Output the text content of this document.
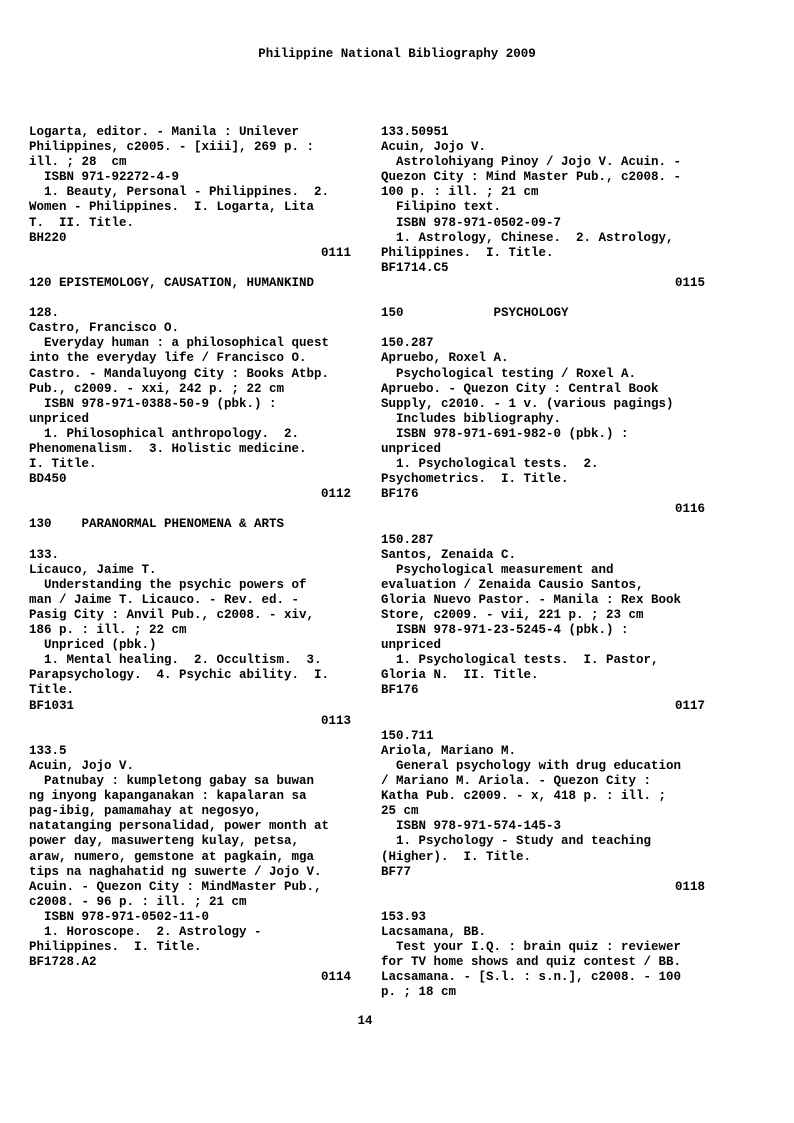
Philippine National Bibliography 2009
Logarta, editor. - Manila : Unilever
Philippines, c2005. - [xiii], 269 p. :
ill. ; 28  cm
ISBN 971-92272-4-9
1. Beauty, Personal - Philippines.  2.
Women - Philippines.  I. Logarta, Lita
T.  II. Title.
BH220
0111
120 EPISTEMOLOGY, CAUSATION, HUMANKIND
128.
Castro, Francisco O.
Everyday human : a philosophical quest
into the everyday life / Francisco O.
Castro. - Mandaluyong City : Books Atbp.
Pub., c2009. - xxi, 242 p. ; 22 cm
ISBN 978-971-0388-50-9 (pbk.) :
unpriced
1. Philosophical anthropology.  2.
Phenomenalism.  3. Holistic medicine.
I. Title.
BD450
0112
130    PARANORMAL PHENOMENA & ARTS
133.
Licauco, Jaime T.
Understanding the psychic powers of
man / Jaime T. Licauco. - Rev. ed. -
Pasig City : Anvil Pub., c2008. - xiv,
186 p. : ill. ; 22 cm
Unpriced (pbk.)
1. Mental healing.  2. Occultism.  3.
Parapsychology.  4. Psychic ability.  I.
Title.
BF1031
0113
133.5
Acuin, Jojo V.
Patnubay : kumpletong gabay sa buwan
ng inyong kapanganakan : kapalaran sa
pag-ibig, pamamahay at negosyo,
natatanging personalidad, power month at
power day, masuwerteng kulay, petsa,
araw, numero, gemstone at pagkain, mga
tips na naghahatid ng suwerte / Jojo V.
Acuin. - Quezon City : MindMaster Pub.,
c2008. - 96 p. : ill. ; 21 cm
ISBN 978-971-0502-11-0
1. Horoscope.  2. Astrology -
Philippines.  I. Title.
BF1728.A2
0114
133.50951
Acuin, Jojo V.
Astrolohiyang Pinoy / Jojo V. Acuin. -
Quezon City : Mind Master Pub., c2008. -
100 p. : ill. ; 21 cm
Filipino text.
ISBN 978-971-0502-09-7
1. Astrology, Chinese.  2. Astrology,
Philippines.  I. Title.
BF1714.C5
0115
150            PSYCHOLOGY
150.287
Apruebo, Roxel A.
Psychological testing / Roxel A.
Apruebo. - Quezon City : Central Book
Supply, c2010. - 1 v. (various pagings)
Includes bibliography.
ISBN 978-971-691-982-0 (pbk.) :
unpriced
1. Psychological tests.  2.
Psychometrics.  I. Title.
BF176
0116
150.287
Santos, Zenaida C.
Psychological measurement and
evaluation / Zenaida Causio Santos,
Gloria Nuevo Pastor. - Manila : Rex Book
Store, c2009. - vii, 221 p. ; 23 cm
ISBN 978-971-23-5245-4 (pbk.) :
unpriced
1. Psychological tests.  I. Pastor,
Gloria N.  II. Title.
BF176
0117
150.711
Ariola, Mariano M.
General psychology with drug education
/ Mariano M. Ariola. - Quezon City :
Katha Pub. c2009. - x, 418 p. : ill. ;
25 cm
ISBN 978-971-574-145-3
1. Psychology - Study and teaching
(Higher).  I. Title.
BF77
0118
153.93
Lacsamana, BB.
Test your I.Q. : brain quiz : reviewer
for TV home shows and quiz contest / BB.
Lacsamana. - [S.l. : s.n.], c2008. - 100
p. ; 18 cm
14
